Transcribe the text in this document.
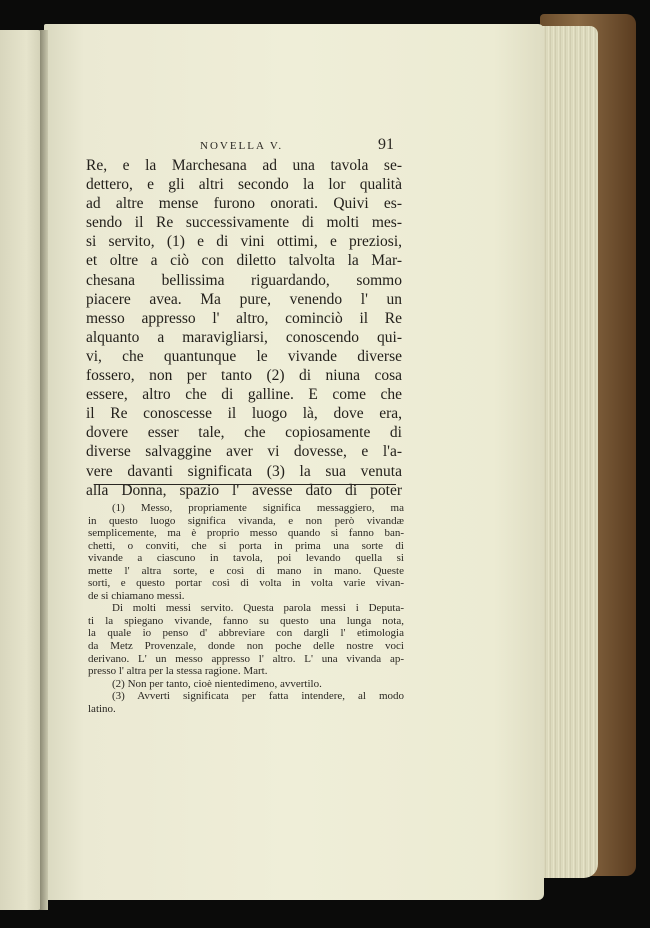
NOVELLA V.	91
Re, e la Marchesana ad una tavola se-
dettero, e gli altri secondo la lor qualità
ad altre mense furono onorati. Quivi es-
sendo il Re successivamente di molti mes-
si servito, (1) e di vini ottimi, e preziosi,
et oltre a ciò con diletto talvolta la Mar-
chesana bellissima riguardando, sommo
piacere avea. Ma pure, venendo l' un
messo appresso l' altro, cominciò il Re
alquanto a maravigliarsi, conoscendo qui-
vi, che quantunque le vivande diverse
fossero, non per tanto (2) di niuna cosa
essere, altro che di galline. E come che
il Re conoscesse il luogo là, dove era,
dovere esser tale, che copiosamente di
diverse salvaggine aver vi dovesse, e l'a-
vere davanti significata (3) la sua venuta
alla Donna, spazio l' avesse dato di poter
(1) Messo, propriamente significa messaggiero, ma
in questo luogo significa vivanda, e non però vivandæ
semplicemente, ma è proprio messo quando si fanno ban-
chetti, o conviti, che si porta in prima una sorte di
vivande a ciascuno in tavola, poi levando quella si
mette l' altra sorte, e così di mano in mano. Queste
sorti, e questo portar così di volta in volta varie vivan-
de si chiamano messi.
Di molti messi servito. Questa parola messi i Deputa-
ti la spiegano vivande, fanno su questo una lunga nota,
la quale io penso d' abbreviare con dargli l' etimologia
da Metz Provenzale, donde non poche delle nostre voci
derivano. L' un messo appresso l' altro. L' una vivanda ap-
presso l' altra per la stessa ragione. Mart.
(2) Non per tanto, cioè nientedimeno, avvertilo.
(3) Avverti significata per fatta intendere, al modo
latino.
